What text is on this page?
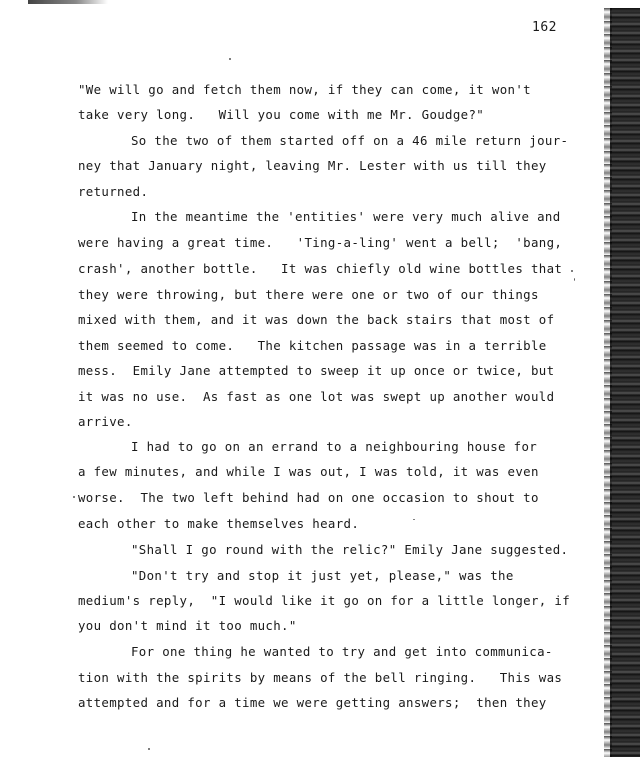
162
"We will go and fetch them now, if they can come, it won't
take very long.   Will you come with me Mr. Goudge?"
So the two of them started off on a 46 mile return jour-
ney that January night, leaving Mr. Lester with us till they
returned.
In the meantime the 'entities' were very much alive and
were having a great time.   'Ting-a-ling' went a bell;  'bang,
crash', another bottle.   It was chiefly old wine bottles that
they were throwing, but there were one or two of our things
mixed with them, and it was down the back stairs that most of
them seemed to come.   The kitchen passage was in a terrible
mess.  Emily Jane attempted to sweep it up once or twice, but
it was no use.  As fast as one lot was swept up another would
arrive.
I had to go on an errand to a neighbouring house for
a few minutes, and while I was out, I was told, it was even
worse.  The two left behind had on one occasion to shout to
each other to make themselves heard.
"Shall I go round with the relic?" Emily Jane suggested.
"Don't try and stop it just yet, please," was the
medium's reply,  "I would like it go on for a little longer, if
you don't mind it too much."
For one thing he wanted to try and get into communica-
tion with the spirits by means of the bell ringing.   This was
attempted and for a time we were getting answers;  then they
